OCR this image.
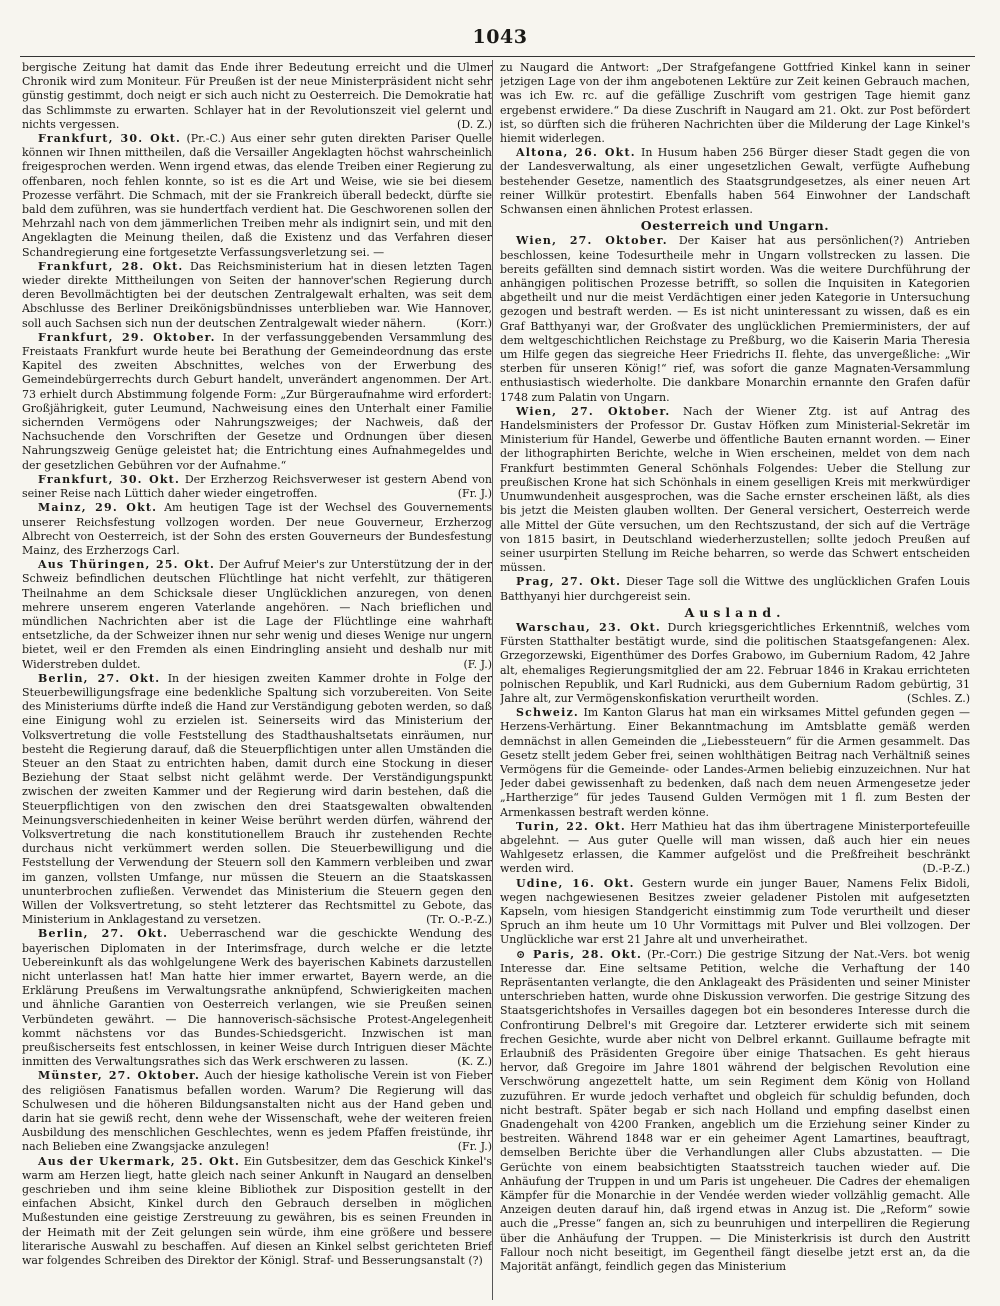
1043

bergische Zeitung hat damit das Ende ihrer Bedeutung erreicht und die Ulmer Chronik wird zum Moniteur. Für Preußen ist der neue Ministerpräsident nicht sehr günstig gestimmt, doch neigt er sich auch nicht zu Oesterreich. Die Demokratie hat das Schlimmste zu erwarten. Schlayer hat in der Revolutionszeit viel gelernt und nichts vergessen.	(D. Z.)

Frankfurt, 30. Okt. (Pr.-C.) Aus einer sehr guten direkten Pariser Quelle können wir Ihnen mittheilen, daß die Versailler Angeklagten höchst wahrscheinlich freigesprochen werden. Wenn irgend etwas, das elende Treiben einer Regierung zu offenbaren, noch fehlen konnte, so ist es die Art und Weise, wie sie bei diesem Prozesse verfährt. Die Schmach, mit der sie Frankreich überall bedeckt, dürfte sie bald dem zuführen, was sie hundertfach verdient hat. Die Geschworenen sollen der Mehrzahl nach von dem jämmerlichen Treiben mehr als indignirt sein, und mit den Angeklagten die Meinung theilen, daß die Existenz und das Verfahren dieser Schandregierung eine fortgesetzte Verfassungsverletzung sei. —

Frankfurt, 28. Okt. Das Reichsministerium hat in diesen letzten Tagen wieder direkte Mittheilungen von Seiten der hannover'schen Regierung durch deren Bevollmächtigten bei der deutschen Zentralgewalt erhalten, was seit dem Abschlusse des Berliner Dreikönigsbündnisses unterblieben war. Wie Hannover, soll auch Sachsen sich nun der deutschen Zentralgewalt wieder nähern.	(Korr.)

Frankfurt, 29. Oktober. In der verfassunggebenden Versammlung des Freistaats Frankfurt wurde heute bei Berathung der Gemeindeordnung das erste Kapitel des zweiten Abschnittes, welches von der Erwerbung des Gemeindebürgerrechts durch Geburt handelt, unverändert angenommen. Der Art. 73 erhielt durch Abstimmung folgende Form: „Zur Bürgeraufnahme wird erfordert: Großjährigkeit, guter Leumund, Nachweisung eines den Unterhalt einer Familie sichernden Vermögens oder Nahrungszweiges; der Nachweis, daß der Nachsuchende den Vorschriften der Gesetze und Ordnungen über diesen Nahrungszweig Genüge geleistet hat; die Entrichtung eines Aufnahmegeldes und der gesetzlichen Gebühren vor der Aufnahme.“

Frankfurt, 30. Okt. Der Erzherzog Reichsverweser ist gestern Abend von seiner Reise nach Lüttich daher wieder eingetroffen.	(Fr. J.)

Mainz, 29. Okt. Am heutigen Tage ist der Wechsel des Gouvernements unserer Reichsfestung vollzogen worden. Der neue Gouverneur, Erzherzog Albrecht von Oesterreich, ist der Sohn des ersten Gouverneurs der Bundesfestung Mainz, des Erzherzogs Carl.

Aus Thüringen, 25. Okt. Der Aufruf Meier's zur Unterstützung der in der Schweiz befindlichen deutschen Flüchtlinge hat nicht verfehlt, zur thätigeren Theilnahme an dem Schicksale dieser Unglücklichen anzuregen, von denen mehrere unserem engeren Vaterlande angehören. — Nach brieflichen und mündlichen Nachrichten aber ist die Lage der Flüchtlinge eine wahrhaft entsetzliche, da der Schweizer ihnen nur sehr wenig und dieses Wenige nur ungern bietet, weil er den Fremden als einen Eindringling ansieht und deshalb nur mit Widerstreben duldet.	(F. J.)

Berlin, 27. Okt. In der hiesigen zweiten Kammer drohte in Folge der Steuerbewilligungsfrage eine bedenkliche Spaltung sich vorzubereiten. Von Seite des Ministeriums dürfte indeß die Hand zur Verständigung geboten werden, so daß eine Einigung wohl zu erzielen ist. Seinerseits wird das Ministerium der Volksvertretung die volle Feststellung des Stadthaushaltsetats einräumen, nur besteht die Regierung darauf, daß die Steuerpflichtigen unter allen Umständen die Steuer an den Staat zu entrichten haben, damit durch eine Stockung in dieser Beziehung der Staat selbst nicht gelähmt werde. Der Verständigungspunkt zwischen der zweiten Kammer und der Regierung wird darin bestehen, daß die Steuerpflichtigen von den zwischen den drei Staatsgewalten obwaltenden Meinungsverschiedenheiten in keiner Weise berührt werden dürfen, während der Volksvertretung die nach konstitutionellem Brauch ihr zustehenden Rechte durchaus nicht verkümmert werden sollen. Die Steuerbewilligung und die Feststellung der Verwendung der Steuern soll den Kammern verbleiben und zwar im ganzen, vollsten Umfange, nur müssen die Steuern an die Staatskassen ununterbrochen zufließen. Verwendet das Ministerium die Steuern gegen den Willen der Volksvertretung, so steht letzterer das Rechtsmittel zu Gebote, das Ministerium in Anklagestand zu versetzen.	(Tr. O.-P.-Z.)

Berlin, 27. Okt. Ueberraschend war die geschickte Wendung des bayerischen Diplomaten in der Interimsfrage, durch welche er die letzte Uebereinkunft als das wohlgelungene Werk des bayerischen Kabinets darzustellen nicht unterlassen hat! Man hatte hier immer erwartet, Bayern werde, an die Erklärung Preußens im Verwaltungsrathe anknüpfend, Schwierigkeiten machen und ähnliche Garantien von Oesterreich verlangen, wie sie Preußen seinen Verbündeten gewährt. — Die hannoverisch-sächsische Protest-Angelegenheit kommt nächstens vor das Bundes-Schiedsgericht. Inzwischen ist man preußischerseits fest entschlossen, in keiner Weise durch Intriguen dieser Mächte inmitten des Verwaltungsrathes sich das Werk erschweren zu lassen.	(K. Z.)

Münster, 27. Oktober. Auch der hiesige katholische Verein ist von Fieber des religiösen Fanatismus befallen worden. Warum? Die Regierung will das Schulwesen und die höheren Bildungsanstalten nicht aus der Hand geben und darin hat sie gewiß recht, denn wehe der Wissenschaft, wehe der weiteren freien Ausbildung des menschlichen Geschlechtes, wenn es jedem Pfaffen freistünde, ihr nach Belieben eine Zwangsjacke anzulegen!	(Fr. J.)

Aus der Ukermark, 25. Okt. Ein Gutsbesitzer, dem das Geschick Kinkel's warm am Herzen liegt, hatte gleich nach seiner Ankunft in Naugard an denselben geschrieben und ihm seine kleine Bibliothek zur Disposition gestellt in der einfachen Absicht, Kinkel durch den Gebrauch derselben in möglichen Mußestunden eine geistige Zerstreuung zu gewähren, bis es seinen Freunden in der Heimath mit der Zeit gelungen sein würde, ihm eine größere und bessere literarische Auswahl zu beschaffen. Auf diesen an Kinkel selbst gerichteten Brief war folgendes Schreiben des Direktor der Königl. Straf- und Besserungsanstalt (?)

zu Naugard die Antwort: „Der Strafgefangene Gottfried Kinkel kann in seiner jetzigen Lage von der ihm angebotenen Lektüre zur Zeit keinen Gebrauch machen, was ich Ew. rc. auf die gefällige Zuschrift vom gestrigen Tage hiemit ganz ergebenst erwidere.“ Da diese Zuschrift in Naugard am 21. Okt. zur Post befördert ist, so dürften sich die früheren Nachrichten über die Milderung der Lage Kinkel's hiemit widerlegen.

Altona, 26. Okt. In Husum haben 256 Bürger dieser Stadt gegen die von der Landesverwaltung, als einer ungesetzlichen Gewalt, verfügte Aufhebung bestehender Gesetze, namentlich des Staatsgrundgesetzes, als einer neuen Art reiner Willkür protestirt. Ebenfalls haben 564 Einwohner der Landschaft Schwansen einen ähnlichen Protest erlassen.

Oesterreich und Ungarn.

Wien, 27. Oktober. Der Kaiser hat aus persönlichen(?) Antrieben beschlossen, keine Todesurtheile mehr in Ungarn vollstrecken zu lassen. Die bereits gefällten sind demnach sistirt worden. Was die weitere Durchführung der anhängigen politischen Prozesse betrifft, so sollen die Inquisiten in Kategorien abgetheilt und nur die meist Verdächtigen einer jeden Kategorie in Untersuchung gezogen und bestraft werden. — Es ist nicht uninteressant zu wissen, daß es ein Graf Batthyanyi war, der Großvater des unglücklichen Premierministers, der auf dem weltgeschichtlichen Reichstage zu Preßburg, wo die Kaiserin Maria Theresia um Hilfe gegen das siegreiche Heer Friedrichs II. flehte, das unvergeßliche: „Wir sterben für unseren König!“ rief, was sofort die ganze Magnaten-Versammlung enthusiastisch wiederholte. Die dankbare Monarchin ernannte den Grafen dafür 1748 zum Palatin von Ungarn.

Wien, 27. Oktober. Nach der Wiener Ztg. ist auf Antrag des Handelsministers der Professor Dr. Gustav Höfken zum Ministerial-Sekretär im Ministerium für Handel, Gewerbe und öffentliche Bauten ernannt worden. — Einer der lithographirten Berichte, welche in Wien erscheinen, meldet von dem nach Frankfurt bestimmten General Schönhals Folgendes: Ueber die Stellung zur preußischen Krone hat sich Schönhals in einem geselligen Kreis mit merkwürdiger Unumwundenheit ausgesprochen, was die Sache ernster erscheinen läßt, als dies bis jetzt die Meisten glauben wollten. Der General versichert, Oesterreich werde alle Mittel der Güte versuchen, um den Rechtszustand, der sich auf die Verträge von 1815 basirt, in Deutschland wiederherzustellen; sollte jedoch Preußen auf seiner usurpirten Stellung im Reiche beharren, so werde das Schwert entscheiden müssen.

Prag, 27. Okt. Dieser Tage soll die Wittwe des unglücklichen Grafen Louis Batthyanyi hier durchgereist sein.

Ausland.

Warschau, 23. Okt. Durch kriegsgerichtliches Erkenntniß, welches vom Fürsten Statthalter bestätigt wurde, sind die politischen Staatsgefangenen: Alex. Grzegorzewski, Eigenthümer des Dorfes Grabowo, im Gubernium Radom, 42 Jahre alt, ehemaliges Regierungsmitglied der am 22. Februar 1846 in Krakau errichteten polnischen Republik, und Karl Rudnicki, aus dem Gubernium Radom gebürtig, 31 Jahre alt, zur Vermögenskonfiskation verurtheilt worden.	(Schles. Z.)

Schweiz. Im Kanton Glarus hat man ein wirksames Mittel gefunden gegen — Herzens-Verhärtung. Einer Bekanntmachung im Amtsblatte gemäß werden demnächst in allen Gemeinden die „Liebessteuern“ für die Armen gesammelt. Das Gesetz stellt jedem Geber frei, seinen wohlthätigen Beitrag nach Verhältniß seines Vermögens für die Gemeinde- oder Landes-Armen beliebig einzuzeichnen. Nur hat Jeder dabei gewissenhaft zu bedenken, daß nach dem neuen Armengesetze jeder „Hartherzige“ für jedes Tausend Gulden Vermögen mit 1 fl. zum Besten der Armenkassen bestraft werden könne.

Turin, 22. Okt. Herr Mathieu hat das ihm übertragene Ministerportefeuille abgelehnt. — Aus guter Quelle will man wissen, daß auch hier ein neues Wahlgesetz erlassen, die Kammer aufgelöst und die Preßfreiheit beschränkt werden wird.	(D.-P.-Z.)

Udine, 16. Okt. Gestern wurde ein junger Bauer, Namens Felix Bidoli, wegen nachgewiesenen Besitzes zweier geladener Pistolen mit aufgesetzten Kapseln, vom hiesigen Standgericht einstimmig zum Tode verurtheilt und dieser Spruch an ihm heute um 10 Uhr Vormittags mit Pulver und Blei vollzogen. Der Unglückliche war erst 21 Jahre alt und unverheirathet.

⊙ Paris, 28. Okt. (Pr.-Corr.) Die gestrige Sitzung der Nat.-Vers. bot wenig Interesse dar. Eine seltsame Petition, welche die Verhaftung der 140 Repräsentanten verlangte, die den Anklageakt des Präsidenten und seiner Minister unterschrieben hatten, wurde ohne Diskussion verworfen. Die gestrige Sitzung des Staatsgerichtshofes in Versailles dagegen bot ein besonderes Interesse durch die Confrontirung Delbrel's mit Gregoire dar. Letzterer erwiderte sich mit seinem frechen Gesichte, wurde aber nicht von Delbrel erkannt. Guillaume befragte mit Erlaubniß des Präsidenten Gregoire über einige Thatsachen. Es geht hieraus hervor, daß Gregoire im Jahre 1801 während der belgischen Revolution eine Verschwörung angezettelt hatte, um sein Regiment dem König von Holland zuzuführen. Er wurde jedoch verhaftet und obgleich für schuldig befunden, doch nicht bestraft. Später begab er sich nach Holland und empfing daselbst einen Gnadengehalt von 4200 Franken, angeblich um die Erziehung seiner Kinder zu bestreiten. Während 1848 war er ein geheimer Agent Lamartines, beauftragt, demselben Berichte über die Verhandlungen aller Clubs abzustatten. — Die Gerüchte von einem beabsichtigten Staatsstreich tauchen wieder auf. Die Anhäufung der Truppen in und um Paris ist ungeheuer. Die Cadres der ehemaligen Kämpfer für die Monarchie in der Vendée werden wieder vollzählig gemacht. Alle Anzeigen deuten darauf hin, daß irgend etwas in Anzug ist. Die „Reform“ sowie auch die „Presse“ fangen an, sich zu beunruhigen und interpelliren die Regierung über die Anhäufung der Truppen. — Die Ministerkrisis ist durch den Austritt Fallour noch nicht beseitigt, im Gegentheil fängt dieselbe jetzt erst an, da die Majorität anfängt, feindlich gegen das Ministerium
